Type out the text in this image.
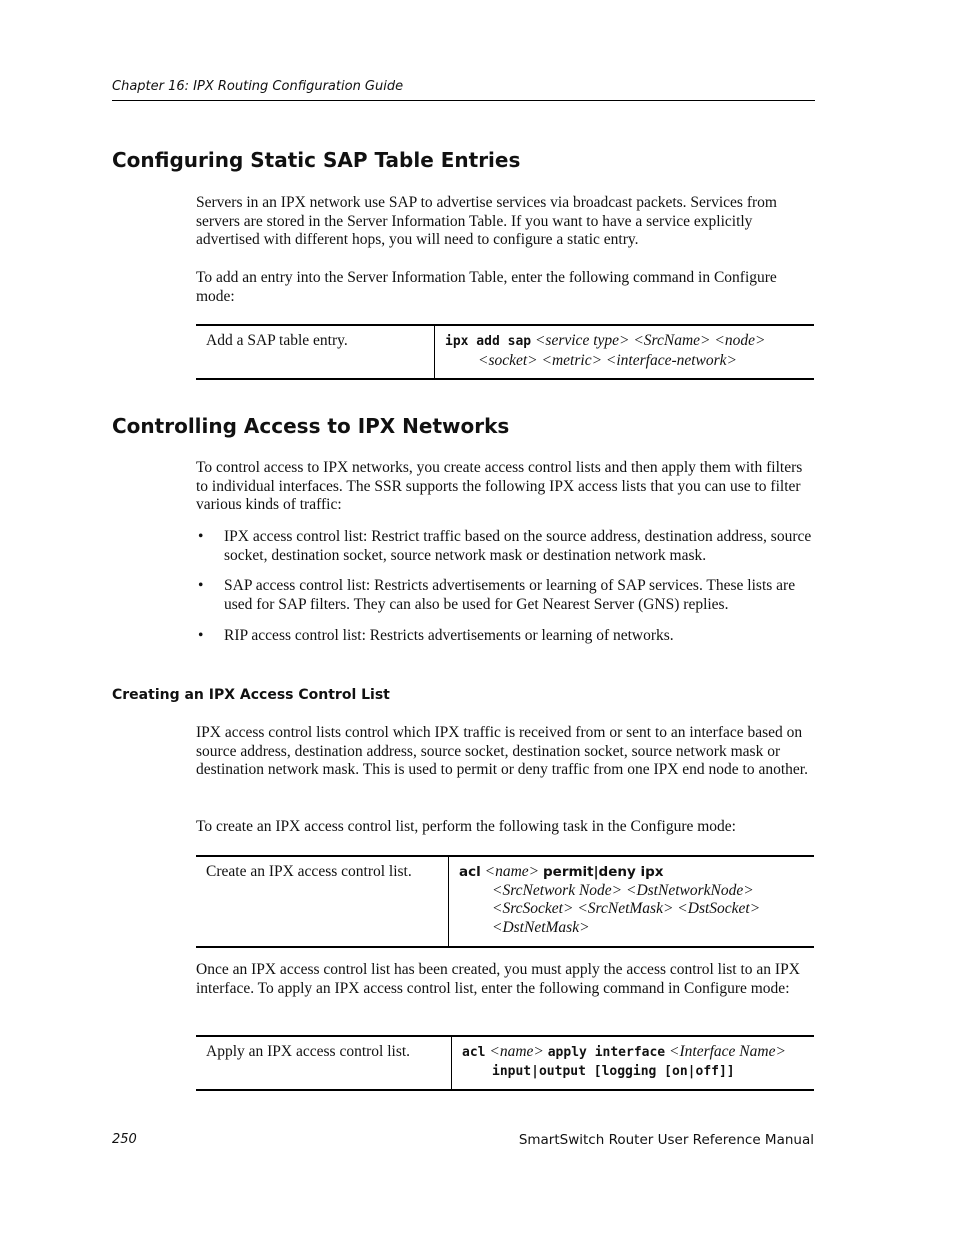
Chapter 16: IPX Routing Configuration Guide
Configuring Static SAP Table Entries

Servers in an IPX network use SAP to advertise services via broadcast packets. Services from servers are stored in the Server Information Table. If you want to have a service explicitly advertised with different hops, you will need to configure a static entry.

To add an entry into the Server Information Table, enter the following command in Configure mode:

Add a SAP table entry.	ipx add sap <service type> <SrcName> <node>
<socket> <metric> <interface-network>
Controlling Access to IPX Networks

To control access to IPX networks, you create access control lists and then apply them with filters to individual interfaces. The SSR supports the following IPX access lists that you can use to filter various kinds of traffic:

• IPX access control list: Restrict traffic based on the source address, destination address, source socket, destination socket, source network mask or destination network mask.
• SAP access control list: Restricts advertisements or learning of SAP services. These lists are used for SAP filters. They can also be used for Get Nearest Server (GNS) replies.
• RIP access control list: Restricts advertisements or learning of networks.
Creating an IPX Access Control List

IPX access control lists control which IPX traffic is received from or sent to an interface based on source address, destination address, source socket, destination socket, source network mask or destination network mask. This is used to permit or deny traffic from one IPX end node to another.

To create an IPX access control list, perform the following task in the Configure mode:

Create an IPX access control list.	acl <name> permit|deny ipx
<SrcNetwork Node> <DstNetworkNode>
<SrcSocket> <SrcNetMask> <DstSocket>
<DstNetMask>

Once an IPX access control list has been created, you must apply the access control list to an IPX interface. To apply an IPX access control list, enter the following command in Configure mode:

Apply an IPX access control list.	acl <name> apply interface <Interface Name>
input|output [logging [on|off]]
250	SmartSwitch Router User Reference Manual
